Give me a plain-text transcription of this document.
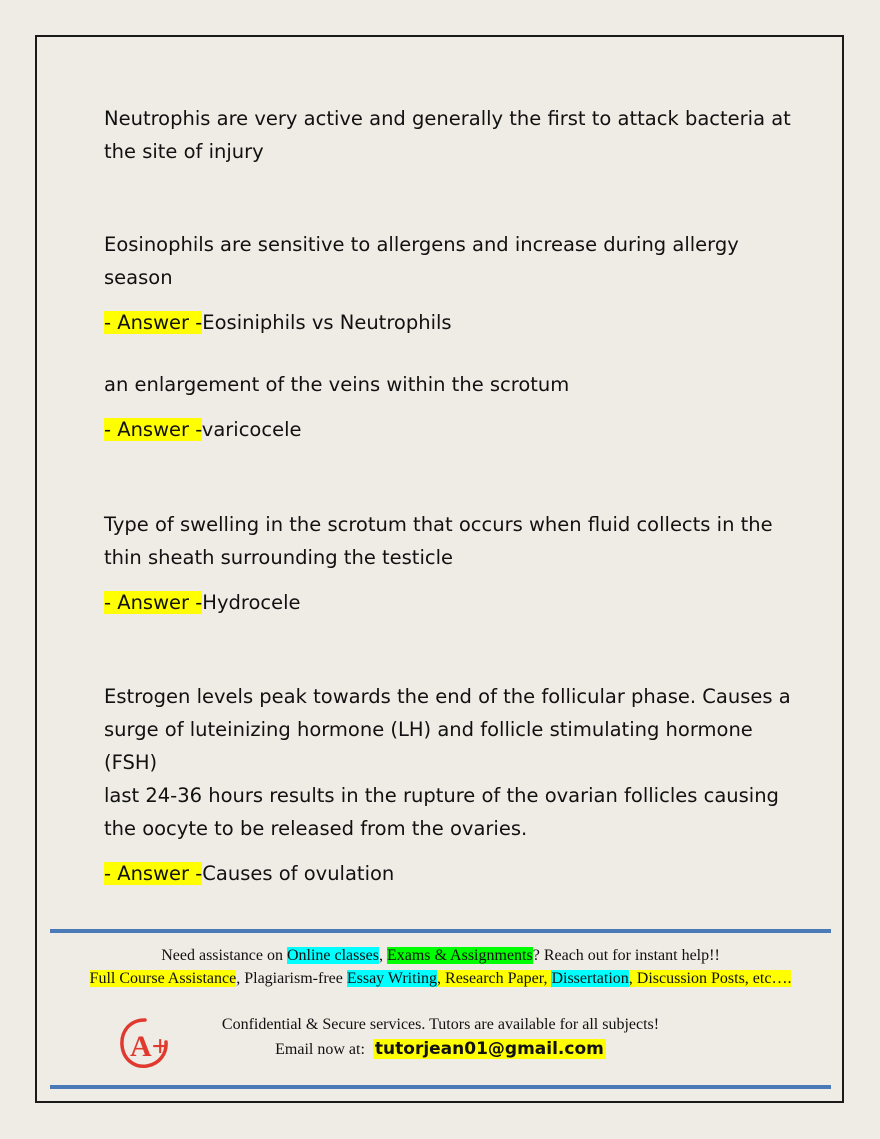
Neutrophis are very active and generally the first to attack bacteria at
the site of injury

Eosinophils are sensitive to allergens and increase during allergy season

- Answer -Eosiniphils vs Neutrophils

an enlargement of the veins within the scrotum

- Answer -varicocele

Type of swelling in the scrotum that occurs when fluid collects in the
thin sheath surrounding the testicle

- Answer -Hydrocele

Estrogen levels peak towards the end of the follicular phase. Causes a
surge of luteinizing hormone (LH) and follicle stimulating hormone (FSH)
last 24-36 hours results in the rupture of the ovarian follicles causing
the oocyte to be released from the ovaries.

- Answer -Causes of ovulation

Need assistance on Online classes, Exams & Assignments? Reach out for instant help!!
Full Course Assistance, Plagiarism-free Essay Writing, Research Paper, Dissertation, Discussion Posts, etc….
Confidential & Secure services. Tutors are available for all subjects!
Email now at: tutorjean01@gmail.com
A+
